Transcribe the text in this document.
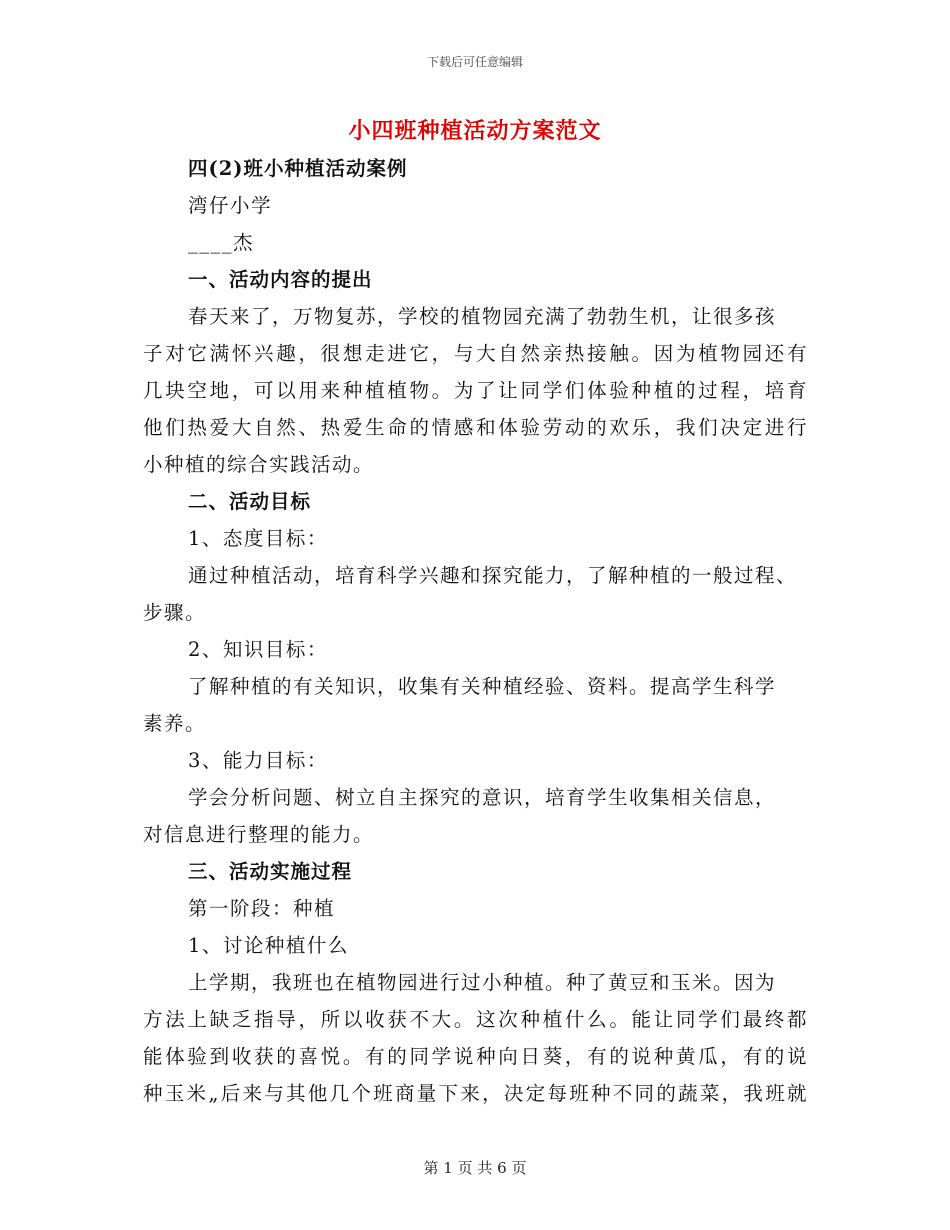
下载后可任意编辑
小四班种植活动方案范文
四(2)班小种植活动案例
湾仔小学
____杰
一、活动内容的提出
春天来了，万物复苏，学校的植物园充满了勃勃生机，让很多孩
子对它满怀兴趣，很想走进它，与大自然亲热接触。因为植物园还有
几块空地，可以用来种植植物。为了让同学们体验种植的过程，培育
他们热爱大自然、热爱生命的情感和体验劳动的欢乐，我们决定进行
小种植的综合实践活动。
二、活动目标
1、态度目标：
通过种植活动，培育科学兴趣和探究能力，了解种植的一般过程、
步骤。
2、知识目标：
了解种植的有关知识，收集有关种植经验、资料。提高学生科学
素养。
3、能力目标：
学会分析问题、树立自主探究的意识，培育学生收集相关信息，
对信息进行整理的能力。
三、活动实施过程
第一阶段：种植
1、讨论种植什么
上学期，我班也在植物园进行过小种植。种了黄豆和玉米。因为
方法上缺乏指导，所以收获不大。这次种植什么。能让同学们最终都
能体验到收获的喜悦。有的同学说种向日葵，有的说种黄瓜，有的说
种玉米„后来与其他几个班商量下来，决定每班种不同的蔬菜，我班就
第 1 页 共 6 页
